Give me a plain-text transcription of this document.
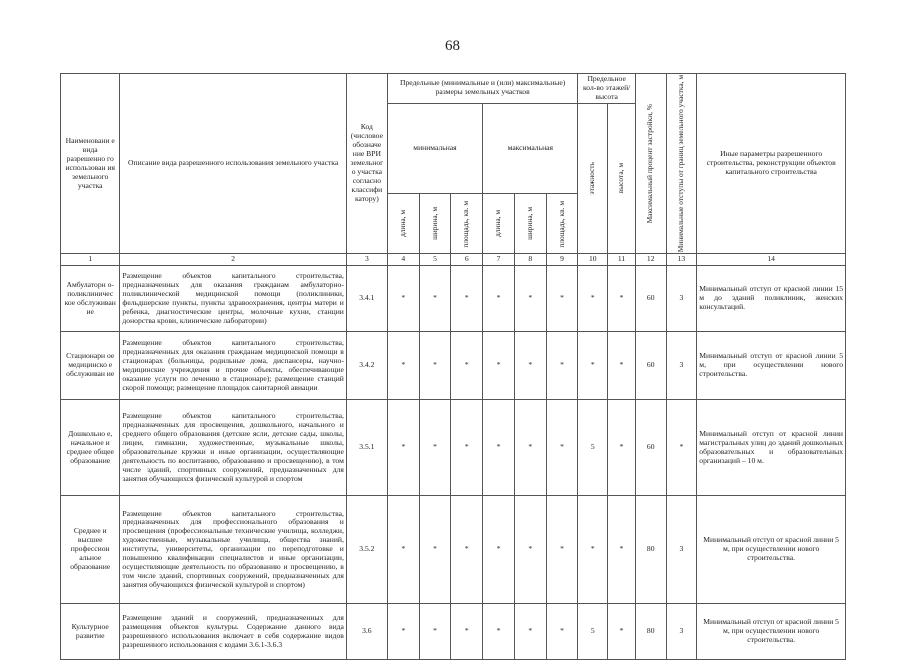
68
Наименовани е вида разрешенно го использован ия земельного участка	Описание вида разрешенного использования земельного участка	Код (числовое обозначе ние ВРИ земельног о участка согласно классифи катору)	Предельные (минимальные и (или) максимальные) размеры земельных участков						Предельное кол-во этажей/ высота		Максимальный процент застройки, %	Минимальные отступы от границ земельного участка, м	Иные параметры разрешенного строительства, реконструкции объектов капитального строительства
			минимальная			максимальная			этажность	высота, м			

			длина, м	ширина, м	площадь, кв. м	длина, м	ширина, м	площадь, кв. м					

1	2	3	4	5	6	7	8	9	10	11	12	13	14
Амбулаторн о- поликлиничес кое обслуживан ие	Размещение объектов капитального строительства, предназначенных для оказания гражданам амбулаторно-поликлинической медицинской помощи (поликлиники, фельдшерские пункты, пункты здравоохранения, центры матери и ребенка, диагностические центры, молочные кухни, станции донорства крови, клинические лаборатории)	3.4.1	*	*	*	*	*	*	*	*	60	3	Минимальный отступ от красной линии 15 м до зданий поликлиник, женских консультаций.
Стационарн ое медицинско е обслуживан ие	Размещение объектов капитального строительства, предназначенных для оказания гражданам медицинской помощи в стационарах (больницы, родильные дома, диспансеры, научно-медицинские учреждения и прочие объекты, обеспечивающие оказание услуги по лечению в стационаре); размещение станций скорой помощи; размещение площадок санитарной авиации	3.4.2	*	*	*	*	*	*	*	*	60	3	Минимальный отступ от красной линии 5 м, при осуществлении нового строительства.
Дошкольно е, начальное и среднее общее образование	Размещение объектов капитального строительства, предназначенных для просвещения, дошкольного, начального и среднего общего образования (детские ясли, детские сады, школы, лицеи, гимназии, художественные, музыкальные школы, образовательные кружки и иные организации, осуществляющие деятельность по воспитанию, образованию и просвещению), в том числе зданий, спортивных сооружений, предназначенных для занятия обучающихся физической культурой и спортом	3.5.1	*	*	*	*	*	*	5	*	60	*	Минимальный отступ от красной линии магистральных улиц до зданий дошкольных образовательных и образовательных организаций – 10 м.
Среднее и высшее профессион альное образование	Размещение объектов капитального строительства, предназначенных для профессионального образования и просвещения (профессиональные технические училища, колледжи, художественные, музыкальные училища, общества знаний, институты, университеты, организации по переподготовке и повышению квалификации специалистов и иные организации, осуществляющие деятельность по образованию и просвещению, в том числе зданий, спортивных сооружений, предназначенных для занятия обучающихся физической культурой и спортом)	3.5.2	*	*	*	*	*	*	*	*	80	3	Минимальный отступ от красной линии 5 м, при осуществлении нового строительства.
Культурное развитие	Размещение зданий и сооружений, предназначенных для размещения объектов культуры. Содержание данного вида разрешенного использования включает в себя содержание видов разрешенного использования с кодами 3.6.1-3.6.3	3.6	*	*	*	*	*	*	5	*	80	3	Минимальный отступ от красной линии 5 м, при осуществлении нового строительства.
